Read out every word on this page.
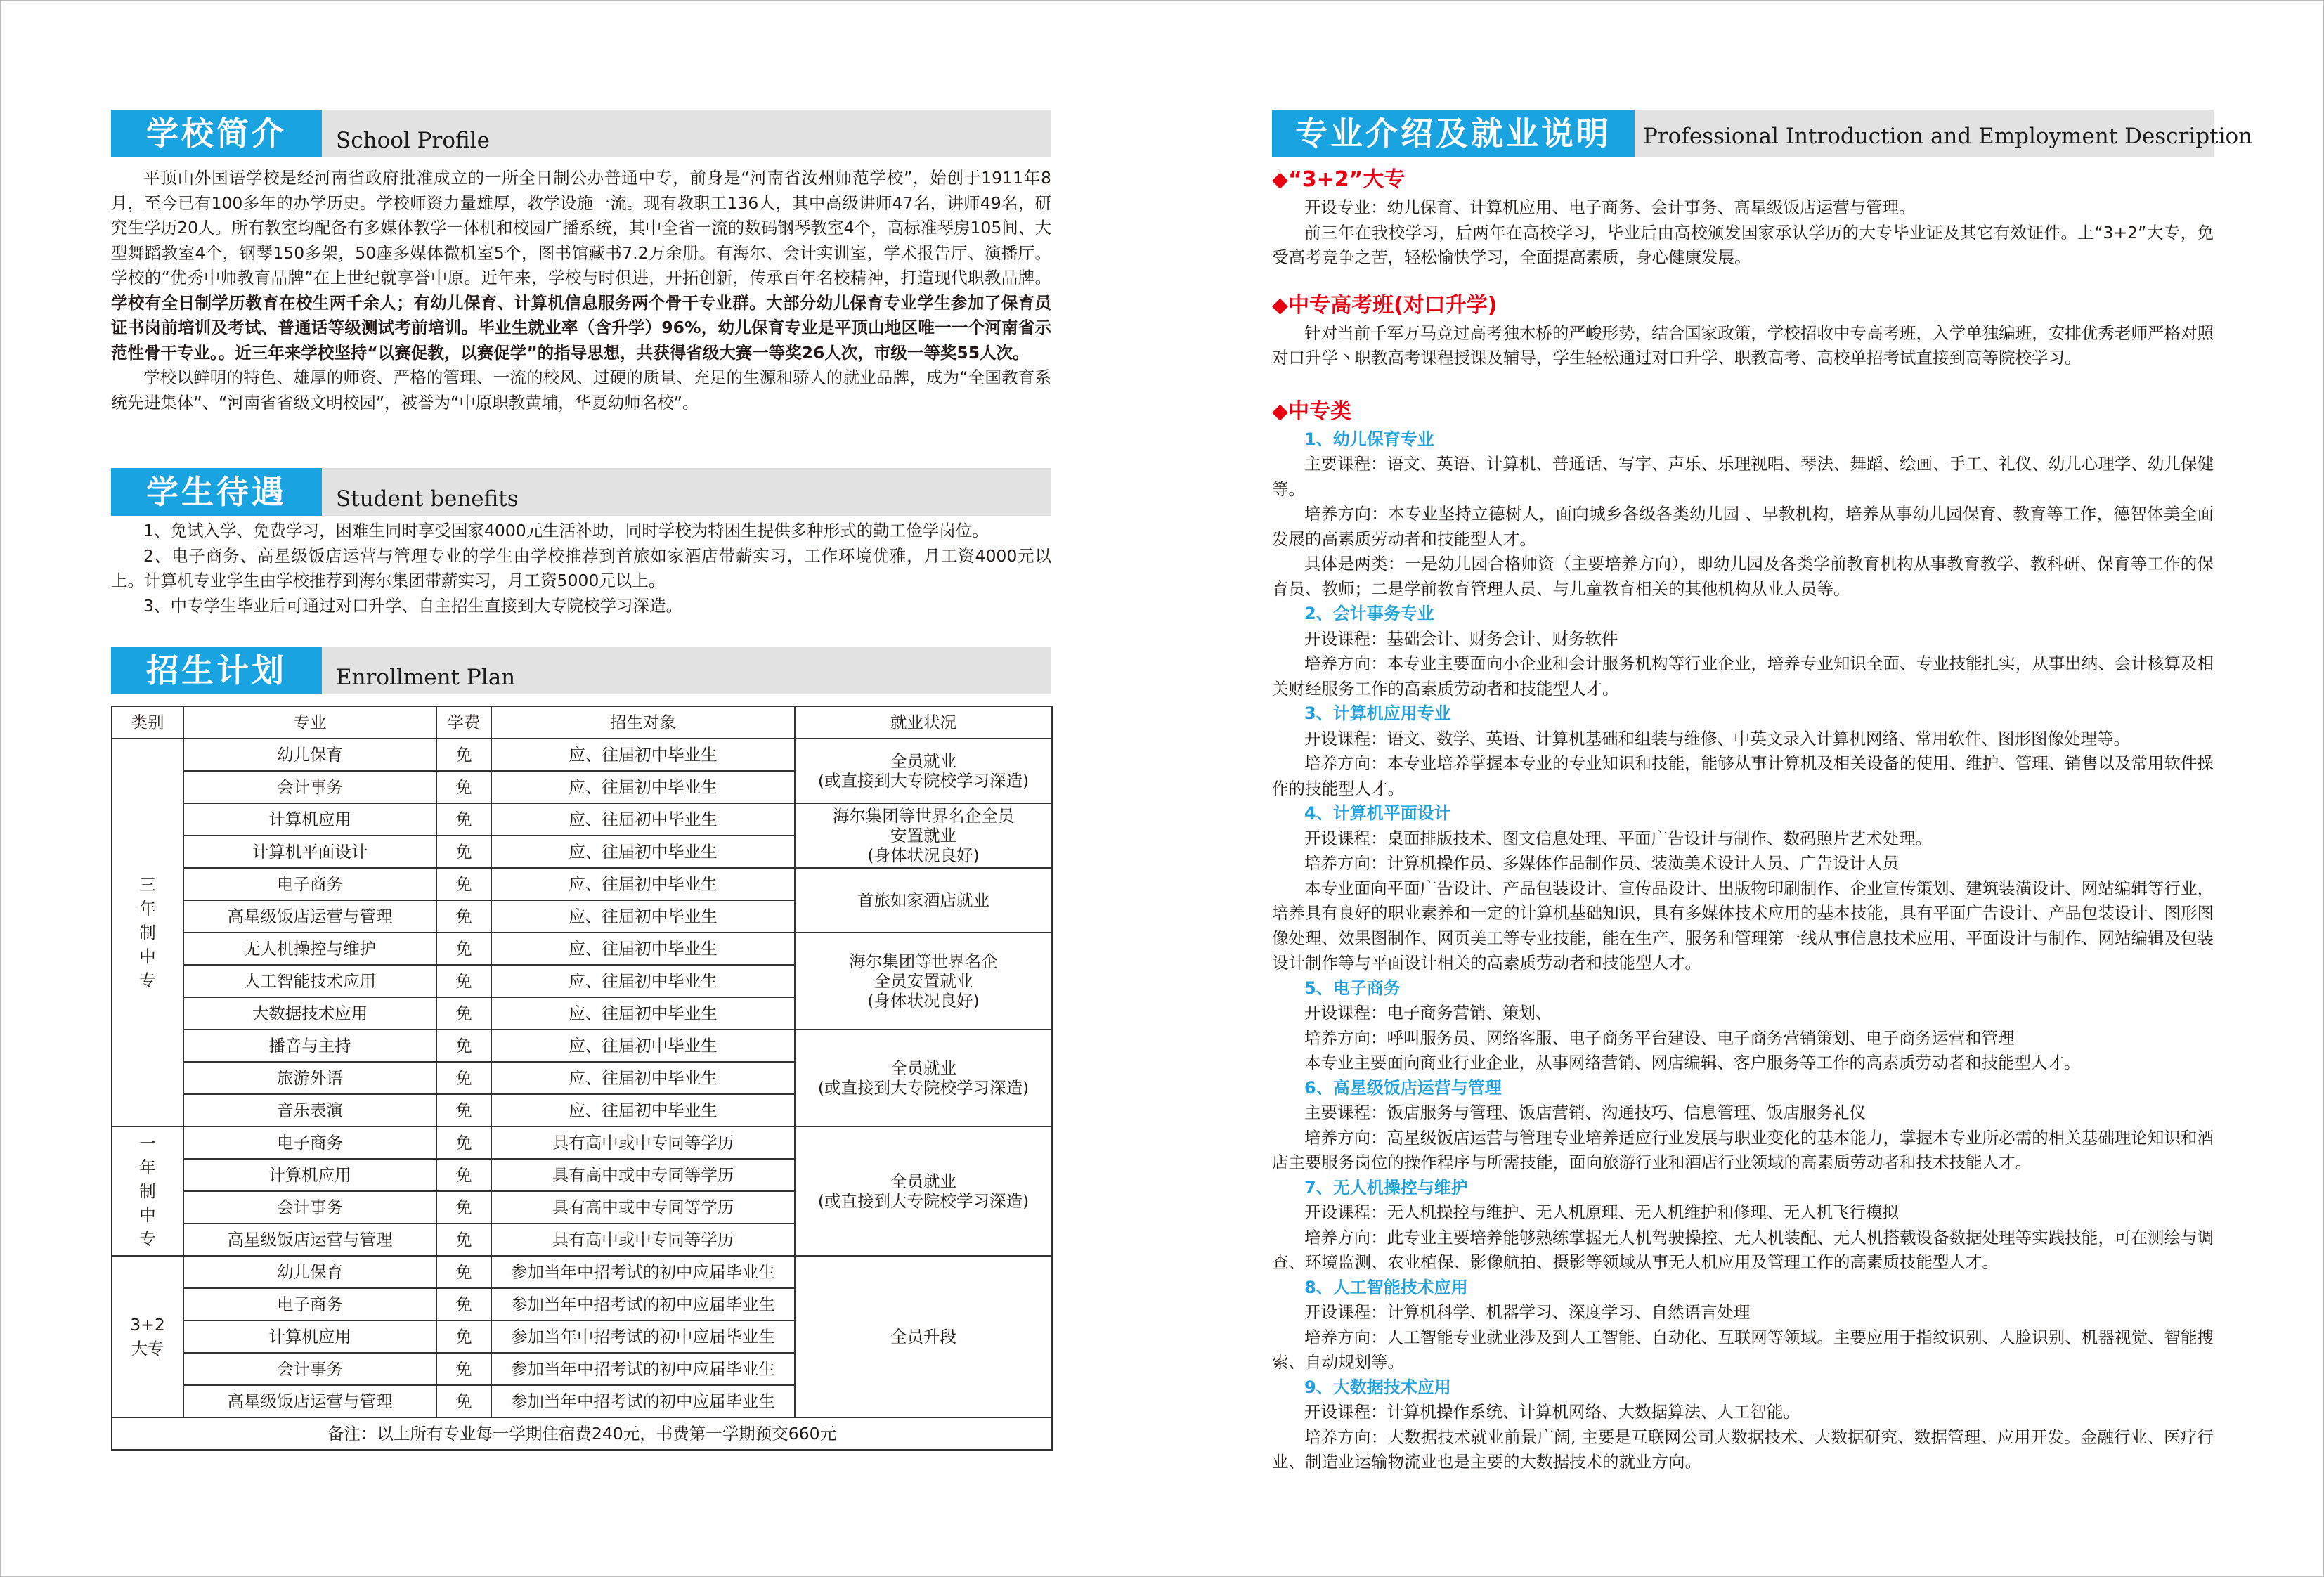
学校简介	School Profile

平顶山外国语学校是经河南省政府批准成立的一所全日制公办普通中专，前身是“河南省汝州师范学校”，始创于1911年8月，至今已有100多年的办学历史。学校师资力量雄厚，教学设施一流。现有教职工136人，其中高级讲师47名，讲师49名，研究生学历20人。所有教室均配备有多媒体教学一体机和校园广播系统，其中全省一流的数码钢琴教室4个，高标准琴房105间、大型舞蹈教室4个，钢琴150多架，50座多媒体微机室5个，图书馆藏书7.2万余册。有海尔、会计实训室，学术报告厅、演播厅。学校的“优秀中师教育品牌”在上世纪就享誉中原。近年来，学校与时俱进，开拓创新，传承百年名校精神，打造现代职教品牌。学校有全日制学历教育在校生两千余人；有幼儿保育、计算机信息服务两个骨干专业群。大部分幼儿保育专业学生参加了保育员证书岗前培训及考试、普通话等级测试考前培训。毕业生就业率（含升学）96%，幼儿保育专业是平顶山地区唯一一个河南省示范性骨干专业。。近三年来学校坚持“以赛促教，以赛促学”的指导思想，共获得省级大赛一等奖26人次，市级一等奖55人次。

学校以鲜明的特色、雄厚的师资、严格的管理、一流的校风、过硬的质量、充足的生源和骄人的就业品牌，成为“全国教育系统先进集体”、“河南省省级文明校园”，被誉为“中原职教黄埔，华夏幼师名校”。

学生待遇	Student benefits

1、免试入学、免费学习，困难生同时享受国家4000元生活补助，同时学校为特困生提供多种形式的勤工俭学岗位。

2、电子商务、高星级饭店运营与管理专业的学生由学校推荐到首旅如家酒店带薪实习，工作环境优雅，月工资4000元以上。计算机专业学生由学校推荐到海尔集团带薪实习，月工资5000元以上。

3、中专学生毕业后可通过对口升学、自主招生直接到大专院校学习深造。

招生计划	Enrollment Plan
类别	专业	学费	招生对象	就业状况

三年制中专	幼儿保育	免	应、往届初中毕业生	全员就业
(或直接到大专院校学习深造)

	会计事务	免	应、往届初中毕业生	
	计算机应用	免	应、往届初中毕业生	海尔集团等世界名企全员
安置就业
(身体状况良好)

	计算机平面设计	免	应、往届初中毕业生	
	电子商务	免	应、往届初中毕业生	首旅如家酒店就业
	高星级饭店运营与管理	免	应、往届初中毕业生	
	无人机操控与维护	免	应、往届初中毕业生	海尔集团等世界名企
全员安置就业
(身体状况良好)

	人工智能技术应用	免	应、往届初中毕业生	
	大数据技术应用	免	应、往届初中毕业生	
	播音与主持	免	应、往届初中毕业生	全员就业
(或直接到大专院校学习深造)

	旅游外语	免	应、往届初中毕业生	
	音乐表演	免	应、往届初中毕业生	

一年制中专	电子商务	免	具有高中或中专同等学历	全员就业
(或直接到大专院校学习深造)

	计算机应用	免	具有高中或中专同等学历	
	会计事务	免	具有高中或中专同等学历	
	高星级饭店运营与管理	免	具有高中或中专同等学历	

3+2大专	幼儿保育	免	参加当年中招考试的初中应届毕业生	全员升段
	电子商务	免	参加当年中招考试的初中应届毕业生	
	计算机应用	免	参加当年中招考试的初中应届毕业生	
	会计事务	免	参加当年中招考试的初中应届毕业生	
	高星级饭店运营与管理	免	参加当年中招考试的初中应届毕业生	
备注：以上所有专业每一学期住宿费240元，书费第一学期预交660元				
专业介绍及就业说明	Professional Introduction and Employment Description
◆“3+2”大专

开设专业：幼儿保育、计算机应用、电子商务、会计事务、高星级饭店运营与管理。

前三年在我校学习，后两年在高校学习，毕业后由高校颁发国家承认学历的大专毕业证及其它有效证件。上“3+2”大专，免受高考竞争之苦，轻松愉快学习，全面提高素质，身心健康发展。

◆中专高考班(对口升学)

针对当前千军万马竞过高考独木桥的严峻形势，结合国家政策，学校招收中专高考班，入学单独编班，安排优秀老师严格对照对口升学丶职教高考课程授课及辅导，学生轻松通过对口升学、职教高考、高校单招考试直接到高等院校学习。

◆中专类
1、幼儿保育专业

主要课程：语文、英语、计算机、普通话、写字、声乐、乐理视唱、琴法、舞蹈、绘画、手工、礼仪、幼儿心理学、幼儿保健等。

培养方向：本专业坚持立德树人，面向城乡各级各类幼儿园 、早教机构，培养从事幼儿园保育、教育等工作，德智体美全面发展的高素质劳动者和技能型人才。

具体是两类：一是幼儿园合格师资（主要培养方向），即幼儿园及各类学前教育机构从事教育教学、教科研、保育等工作的保育员、教师；二是学前教育管理人员、与儿童教育相关的其他机构从业人员等。

2、会计事务专业

开设课程：基础会计、财务会计、财务软件

培养方向：本专业主要面向小企业和会计服务机构等行业企业，培养专业知识全面、专业技能扎实，从事出纳、会计核算及相关财经服务工作的高素质劳动者和技能型人才。

3、计算机应用专业

开设课程：语文、数学、英语、计算机基础和组装与维修、中英文录入计算机网络、常用软件、图形图像处理等。

培养方向：本专业培养掌握本专业的专业知识和技能，能够从事计算机及相关设备的使用、维护、管理、销售以及常用软件操作的技能型人才。

4、计算机平面设计

开设课程：桌面排版技术、图文信息处理、平面广告设计与制作、数码照片艺术处理。

培养方向：计算机操作员、多媒体作品制作员、装潢美术设计人员、广告设计人员

本专业面向平面广告设计、产品包装设计、宣传品设计、出版物印刷制作、企业宣传策划、建筑装潢设计、网站编辑等行业，培养具有良好的职业素养和一定的计算机基础知识，具有多媒体技术应用的基本技能，具有平面广告设计、产品包装设计、图形图像处理、效果图制作、网页美工等专业技能，能在生产、服务和管理第一线从事信息技术应用、平面设计与制作、网站编辑及包装设计制作等与平面设计相关的高素质劳动者和技能型人才。

5、电子商务

开设课程：电子商务营销、策划、

培养方向：呼叫服务员、网络客服、电子商务平台建设、电子商务营销策划、电子商务运营和管理

本专业主要面向商业行业企业，从事网络营销、网店编辑、客户服务等工作的高素质劳动者和技能型人才。

6、高星级饭店运营与管理

主要课程：饭店服务与管理、饭店营销、沟通技巧、信息管理、饭店服务礼仪

培养方向：高星级饭店运营与管理专业培养适应行业发展与职业变化的基本能力，掌握本专业所必需的相关基础理论知识和酒店主要服务岗位的操作程序与所需技能，面向旅游行业和酒店行业领域的高素质劳动者和技术技能人才。

7、无人机操控与维护

开设课程：无人机操控与维护、无人机原理、无人机维护和修理、无人机飞行模拟

培养方向：此专业主要培养能够熟练掌握无人机驾驶操控、无人机装配、无人机搭载设备数据处理等实践技能，可在测绘与调查、环境监测、农业植保、影像航拍、摄影等领域从事无人机应用及管理工作的高素质技能型人才。

8、人工智能技术应用

开设课程：计算机科学、机器学习、深度学习、自然语言处理

培养方向：人工智能专业就业涉及到人工智能、自动化、互联网等领域。主要应用于指纹识别、人脸识别、机器视觉、智能搜索、自动规划等。

9、大数据技术应用

开设课程：计算机操作系统、计算机网络、大数据算法、人工智能。

培养方向：大数据技术就业前景广阔, 主要是互联网公司大数据技术、大数据研究、数据管理、应用开发。金融行业、医疗行业、制造业运输物流业也是主要的大数据技术的就业方向。
